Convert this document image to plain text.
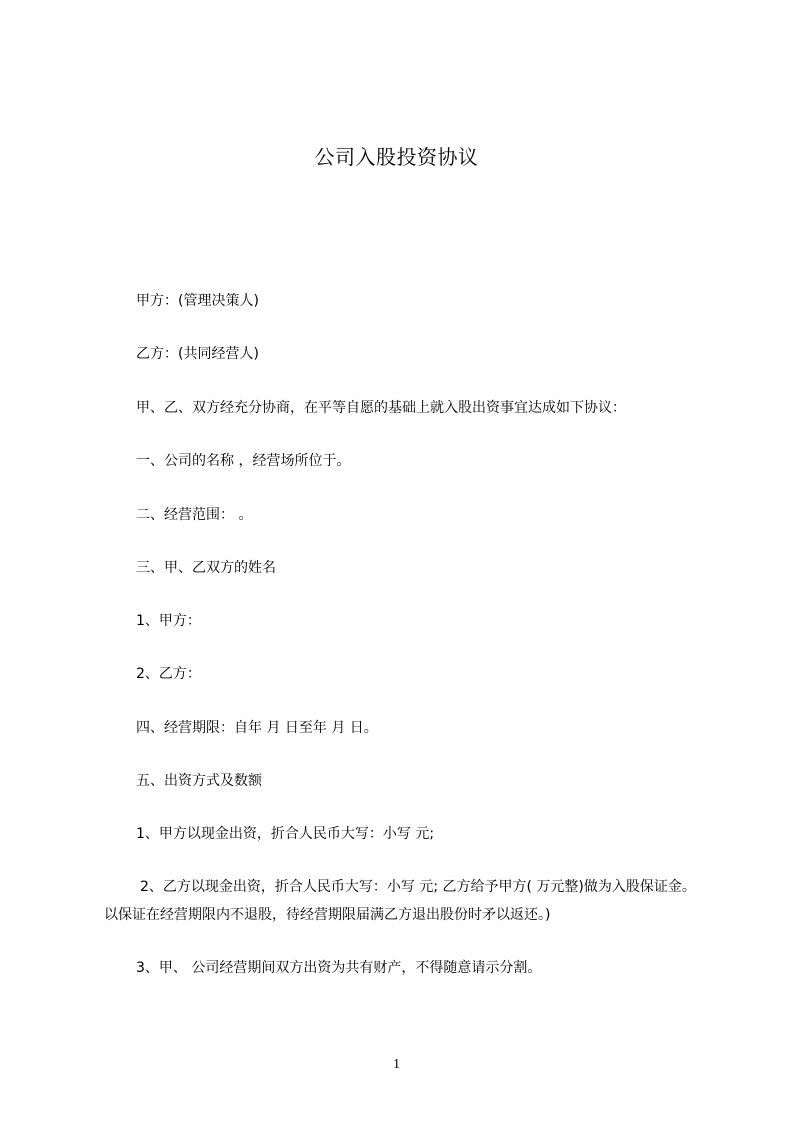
公司入股投资协议
甲方：(管理决策人)
乙方：(共同经营人)
甲、乙、双方经充分协商，在平等自愿的基础上就入股出资事宜达成如下协议：
一、公司的名称 ，经营场所位于。
二、经营范围： 。
三、甲、乙双方的姓名
1、甲方：
2、乙方：
四、经营期限：自年 月 日至年 月 日。
五、出资方式及数额
1、甲方以现金出资，折合人民币大写：小写 元;
2、乙方以现金出资，折合人民币大写：小写 元; 乙方给予甲方( 万元整)做为入股保证金。以保证在经营期限内不退股，待经营期限届满乙方退出股份时矛以返还。)
3、甲、 公司经营期间双方出资为共有财产，不得随意请示分割。
1
